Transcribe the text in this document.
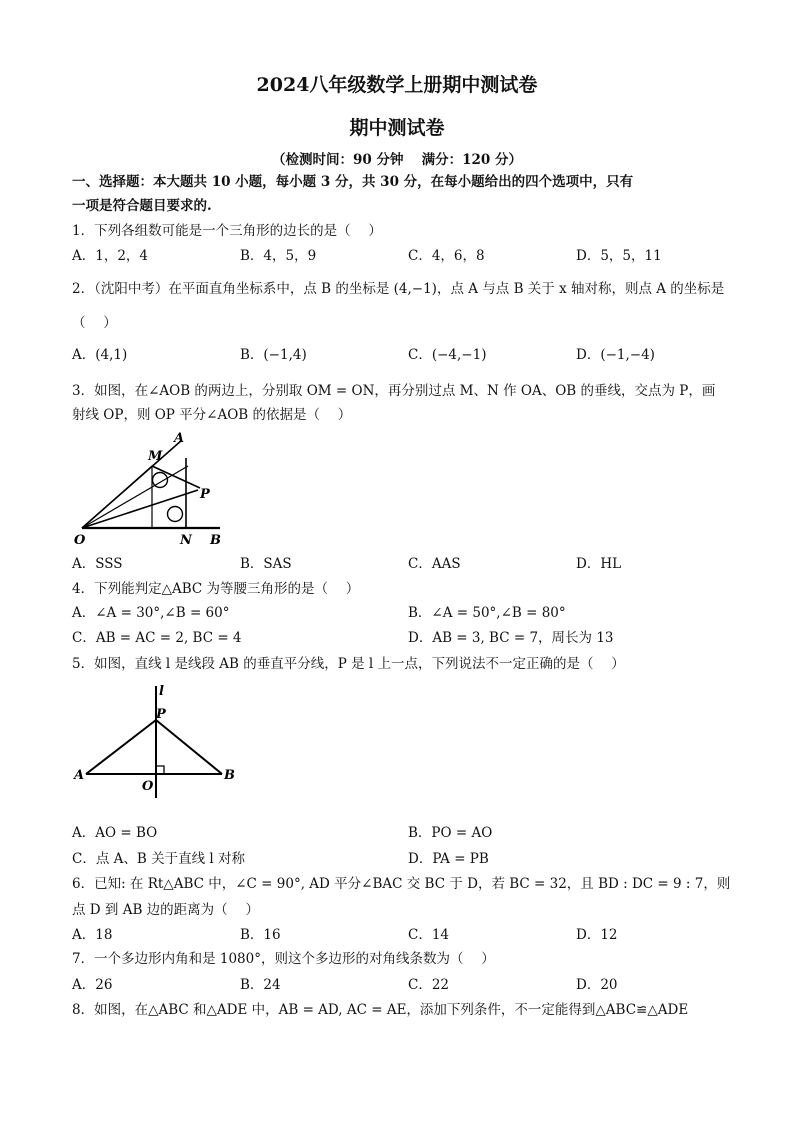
2024八年级数学上册期中测试卷
期中测试卷
（检测时间：90 分钟　 满分：120 分）
一、选择题：本大题共 10 小题，每小题 3 分，共 30 分，在每小题给出的四个选项中，只有
一项是符合题目要求的.
1．下列各组数可能是一个三角形的边长的是（　 ）
A．1，2，4	B．4，5，9	C．4，6，8	D．5，5，11
2．（沈阳中考）在平面直角坐标系中，点 B 的坐标是 (4,−1)，点 A 与点 B 关于 x 轴对称，则点 A 的坐标是
（　 ）
A．(4,1)	B．(−1,4)	C．(−4,−1)	D．(−1,−4)
3．如图，在∠AOB 的两边上，分别取 OM = ON，再分别过点 M、N 作 OA、OB 的垂线，交点为 P，画
射线 OP，则 OP 平分∠AOB 的依据是（　 ）
A
M
P
O	N B
A．SSS	B．SAS	C．AAS	D．HL
4．下列能判定△ABC 为等腰三角形的是（　 ）
A．∠A = 30°,∠B = 60°	B．∠A = 50°,∠B = 80°
C．AB = AC = 2, BC = 4	D．AB = 3, BC = 7，周长为 13
5．如图，直线 l 是线段 AB 的垂直平分线，P 是 l 上一点，下列说法不一定正确的是（　 ）
l
P
A
O
B
A．AO = BO	B．PO = AO
C．点 A、B 关于直线 l 对称	D．PA = PB
6．已知: 在 Rt△ABC 中，∠C = 90°, AD 平分∠BAC 交 BC 于 D，若 BC = 32，且 BD : DC = 9 : 7，则
点 D 到 AB 边的距离为（　 ）
A．18	B．16	C．14	D．12
7．一个多边形内角和是 1080°，则这个多边形的对角线条数为（　 ）
A．26	B．24	C．22	D．20
8．如图，在△ABC 和△ADE 中，AB = AD, AC = AE，添加下列条件，不一定能得到△ABC≌△ADE
